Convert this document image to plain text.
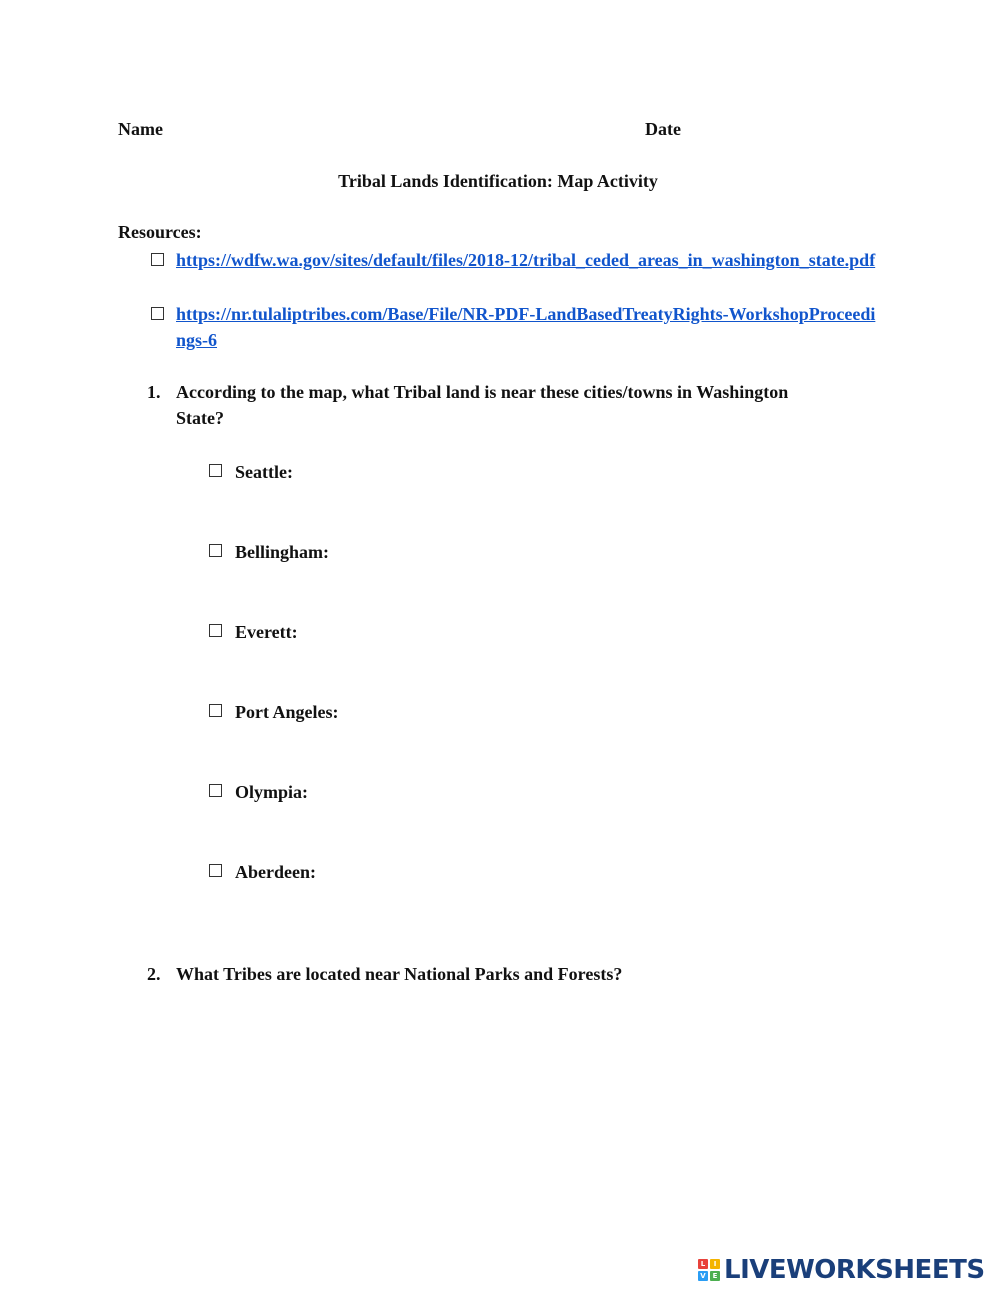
Name	Date
Tribal Lands Identification: Map Activity
Resources:
https://wdfw.wa.gov/sites/default/files/2018-12/tribal_ceded_areas_in_washington_state.pdf
https://nr.tulaliptribes.com/Base/File/NR-PDF-LandBasedTreatyRights-WorkshopProceedings-6
1. According to the map, what Tribal land is near these cities/towns in Washington
State?
Seattle:
Bellingham:
Everett:
Port Angeles:
Olympia:
Aberdeen:
2. What Tribes are located near National Parks and Forests?
L	I
V E LIVEWORKSHEETS
